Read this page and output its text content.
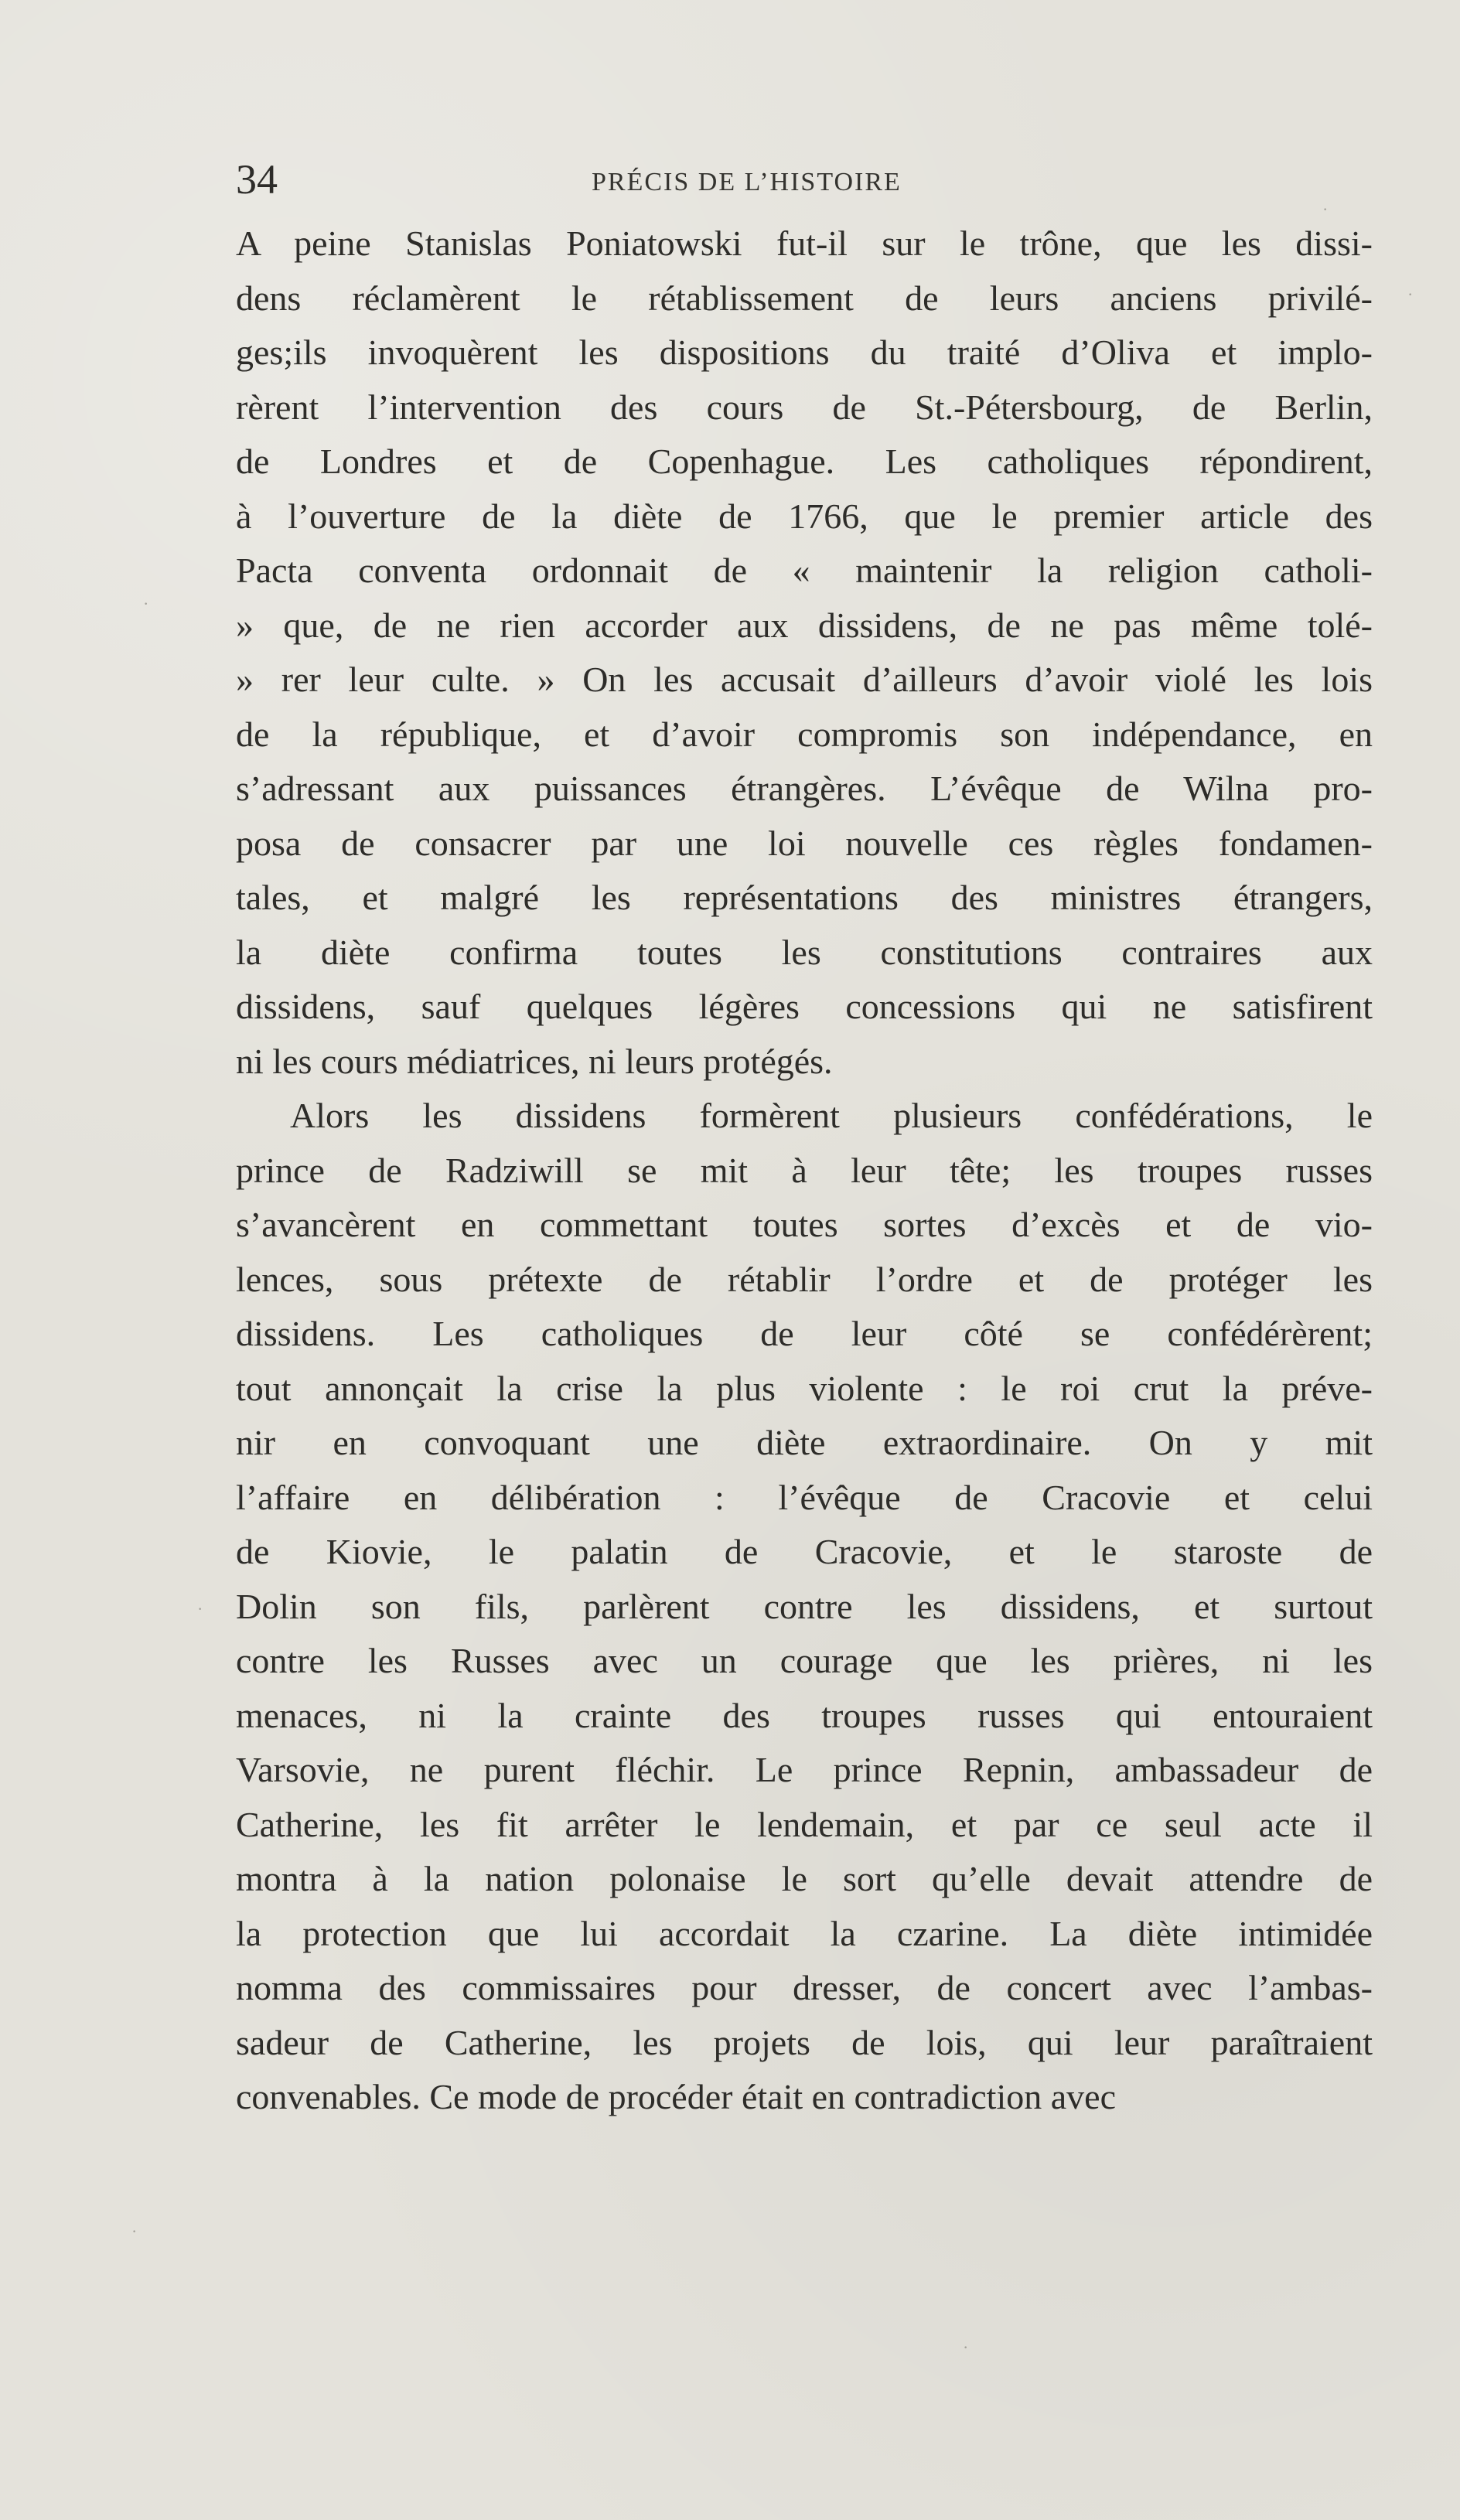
34	PRÉCIS DE L’HISTOIRE
A peine Stanislas Poniatowski fut-il sur le trône, que les dissi-
dens réclamèrent le rétablissement de leurs anciens privilé-
ges;ils invoquèrent les dispositions du traité d’Oliva et implo-
rèrent l’intervention des cours de St.-Pétersbourg, de Berlin,
de Londres et de Copenhague. Les catholiques répondirent,
à l’ouverture de la diète de 1766, que le premier article des
Pacta conventa ordonnait de « maintenir la religion catholi-
» que, de ne rien accorder aux dissidens, de ne pas même tolé-
» rer leur culte. » On les accusait d’ailleurs d’avoir violé les lois
de la république, et d’avoir compromis son indépendance, en
s’adressant aux puissances étrangères. L’évêque de Wilna pro-
posa de consacrer par une loi nouvelle ces règles fondamen-
tales, et malgré les représentations des ministres étrangers,
la diète confirma toutes les constitutions contraires aux
dissidens, sauf quelques légères concessions qui ne satisfirent
ni les cours médiatrices, ni leurs protégés.
Alors les dissidens formèrent plusieurs confédérations, le
prince de Radziwill se mit à leur tête; les troupes russes
s’avancèrent en commettant toutes sortes d’excès et de vio-
lences, sous prétexte de rétablir l’ordre et de protéger les
dissidens. Les catholiques de leur côté se confédérèrent;
tout annonçait la crise la plus violente : le roi crut la préve-
nir en convoquant une diète extraordinaire. On y mit
l’affaire en délibération : l’évêque de Cracovie et celui
de Kiovie, le palatin de Cracovie, et le staroste de
Dolin son fils, parlèrent contre les dissidens, et surtout
contre les Russes avec un courage que les prières, ni les
menaces, ni la crainte des troupes russes qui entouraient
Varsovie, ne purent fléchir. Le prince Repnin, ambassadeur de
Catherine, les fit arrêter le lendemain, et par ce seul acte il
montra à la nation polonaise le sort qu’elle devait attendre de
la protection que lui accordait la czarine. La diète intimidée
nomma des commissaires pour dresser, de concert avec l’ambas-
sadeur de Catherine, les projets de lois, qui leur paraîtraient
convenables. Ce mode de procéder était en contradiction avec
·
·
·
·
·
·
